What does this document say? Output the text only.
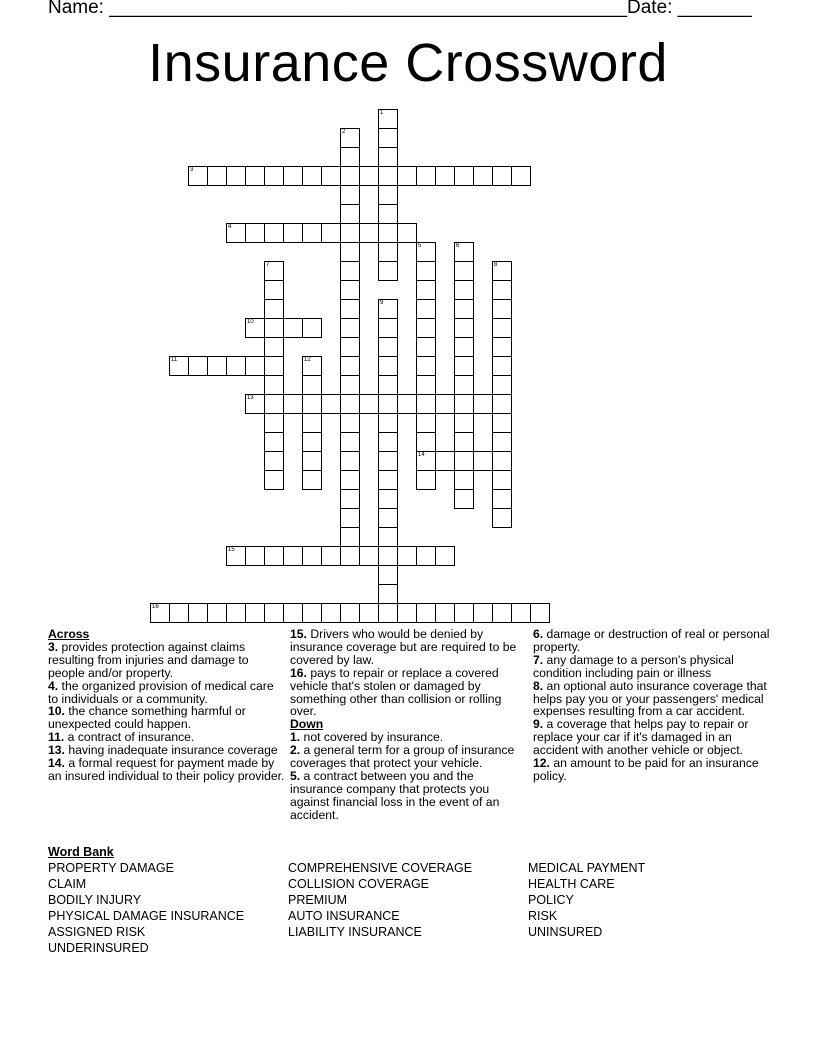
Name: _________________________________________________ Date: _______
Insurance Crossword
1
2
3
4
5
14
6
7	8
9
10
11	12
13
15
16
Across

3. provides protection against claims resulting from injuries and damage to people and/or property.

4. the organized provision of medical care to individuals or a community.

10. the chance something harmful or unexpected could happen.

11. a contract of insurance.

13. having inadequate insurance coverage

14. a formal request for payment made by an insured individual to their policy provider.

15. Drivers who would be denied by insurance coverage but are required to be covered by law.

16. pays to repair or replace a covered vehicle that's stolen or damaged by something other than collision or rolling over.

Down

1. not covered by insurance.

2. a general term for a group of insurance coverages that protect your vehicle.

5. a contract between you and the insurance company that protects you against financial loss in the event of an accident.

6. damage or destruction of real or personal property.

7. any damage to a person's physical condition including pain or illness

8. an optional auto insurance coverage that helps pay you or your passengers' medical expenses resulting from a car accident.

9. a coverage that helps pay to repair or replace your car if it's damaged in an accident with another vehicle or object.

12. an amount to be paid for an insurance policy.

Word Bank
PROPERTY DAMAGE
CLAIM
BODILY INJURY
PHYSICAL DAMAGE INSURANCE
ASSIGNED RISK
UNDERINSURED
COMPREHENSIVE COVERAGE
COLLISION COVERAGE
PREMIUM
AUTO INSURANCE
LIABILITY INSURANCE
MEDICAL PAYMENT
HEALTH CARE
POLICY
RISK
UNINSURED
